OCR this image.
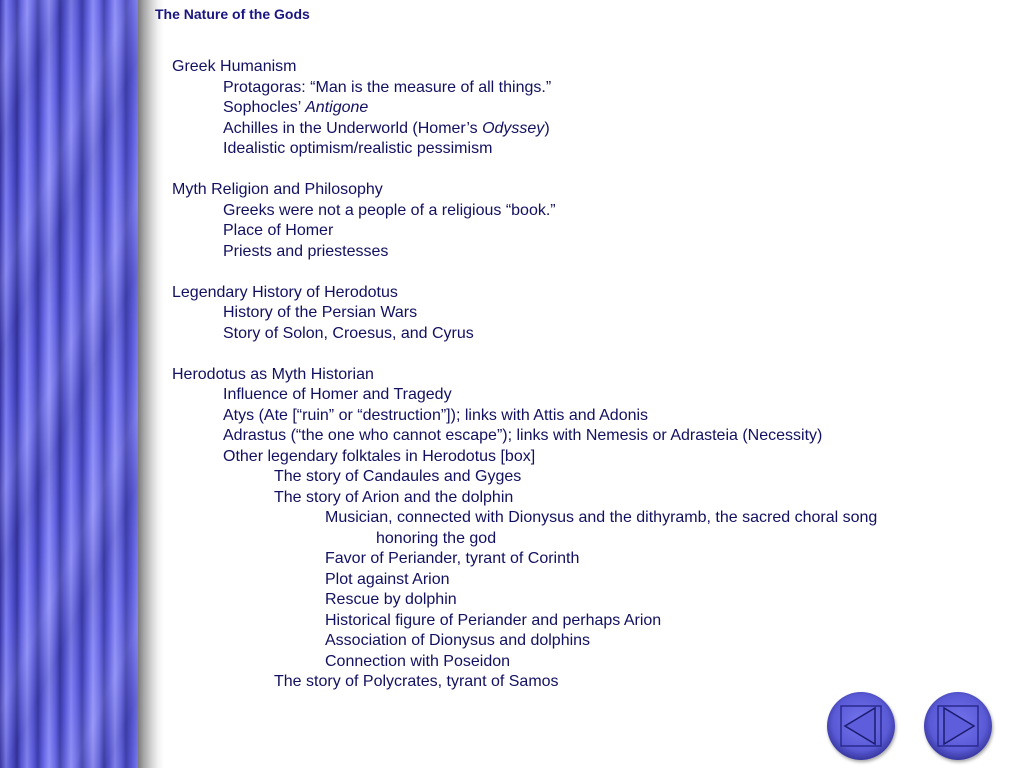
The Nature of the Gods
Greek Humanism
Protagoras: “Man is the measure of all things.”
Sophocles’ Antigone
Achilles in the Underworld (Homer’s Odyssey)
Idealistic optimism/realistic pessimism
Myth Religion and Philosophy
Greeks were not a people of a religious “book.”
Place of Homer
Priests and priestesses
Legendary History of Herodotus
History of the Persian Wars
Story of Solon, Croesus, and Cyrus
Herodotus as Myth Historian
Influence of Homer and Tragedy
Atys (Ate [“ruin” or “destruction”]); links with Attis and Adonis
Adrastus (“the one who cannot escape”); links with Nemesis or Adrasteia (Necessity)
Other legendary folktales in Herodotus [box]
The story of Candaules and Gyges
The story of Arion and the dolphin
Musician, connected with Dionysus and the dithyramb, the sacred choral song
honoring the god
Favor of Periander, tyrant of Corinth
Plot against Arion
Rescue by dolphin
Historical figure of Periander and perhaps Arion
Association of Dionysus and dolphins
Connection with Poseidon
The story of Polycrates, tyrant of Samos
